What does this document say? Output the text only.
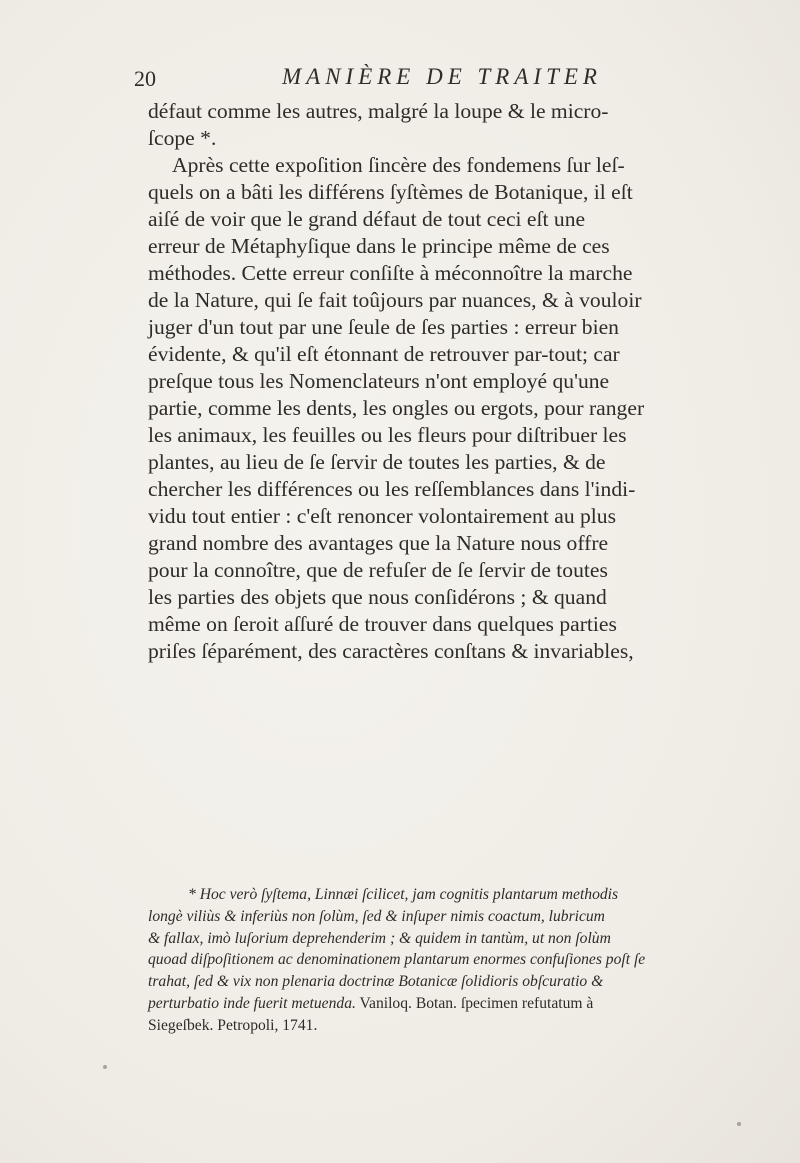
20	MANIÈRE DE TRAITER
défaut comme les autres, malgré la loupe & le micro-
ſcope *.
Après cette expoſition ſincère des fondemens ſur leſ-
quels on a bâti les différens ſyſtèmes de Botanique, il eſt
aiſé de voir que le grand défaut de tout ceci eſt une
erreur de Métaphyſique dans le principe même de ces
méthodes. Cette erreur conſiſte à méconnoître la marche
de la Nature, qui ſe fait toûjours par nuances, & à vouloir
juger d'un tout par une ſeule de ſes parties : erreur bien
évidente, & qu'il eſt étonnant de retrouver par-tout; car
preſque tous les Nomenclateurs n'ont employé qu'une
partie, comme les dents, les ongles ou ergots, pour ranger
les animaux, les feuilles ou les fleurs pour diſtribuer les
plantes, au lieu de ſe ſervir de toutes les parties, & de
chercher les différences ou les reſſemblances dans l'indi-
vidu tout entier : c'eſt renoncer volontairement au plus
grand nombre des avantages que la Nature nous offre
pour la connoître, que de refuſer de ſe ſervir de toutes
les parties des objets que nous conſidérons ; & quand
même on ſeroit aſſuré de trouver dans quelques parties
priſes ſéparément, des caractères conſtans & invariables,
* Hoc verò ſyſtema, Linnæi ſcilicet, jam cognitis plantarum methodis
longè viliùs & inferiùs non ſolùm, ſed & inſuper nimis coactum, lubricum
& fallax, imò luſorium deprehenderim ; & quidem in tantùm, ut non ſolùm
quoad diſpoſitionem ac denominationem plantarum enormes confuſiones poſt ſe
trahat, ſed & vix non plenaria doctrinæ Botanicæ ſolidioris obſcuratio &
perturbatio inde fuerit metuenda. Vaniloq. Botan. ſpecimen refutatum à
Siegeſbek. Petropoli, 1741.
